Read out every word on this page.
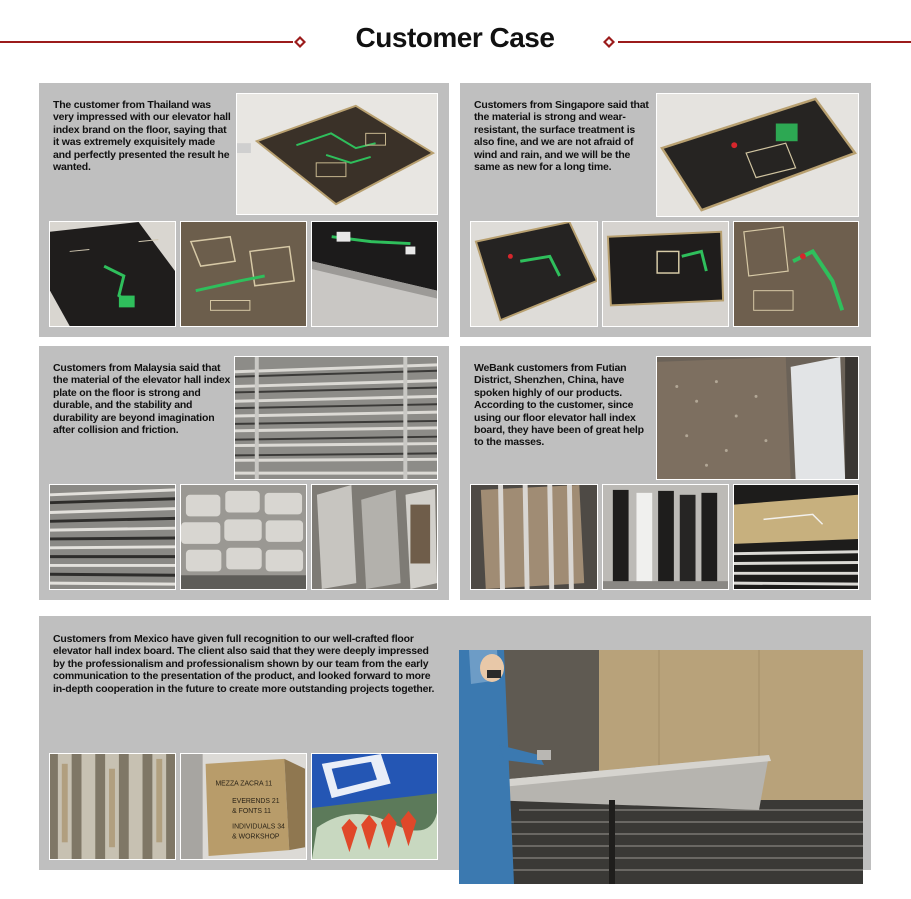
Customer Case
The customer from Thailand was very impressed with our elevator hall index brand on the floor, saying that it was extremely exquisitely made and perfectly presented the result he wanted.
Customers from Singapore said that the material is strong and wear-resistant, the surface treatment is also fine, and we are not afraid of wind and rain, and we will be the same as new for a long time.
Customers from Malaysia said that the material of the elevator hall index plate on the floor is strong and durable, and the stability and durability are beyond imagination after collision and friction.
WeBank customers from Futian District, Shenzhen, China, have spoken highly of our products. According to the customer, since using our floor elevator hall index board, they have been of great help to the masses.
Customers from Mexico have given full recognition to our well-crafted floor elevator hall index board. The client also said that they were deeply impressed by the professionalism and professionalism shown by our team from the early communication to the presentation of the product, and looked forward to more in-depth cooperation in the future to create more outstanding projects together.
MEZZA ZACRA 11
EVERENDS 21
& FONTS 11
INDIVIDUALS 34
& WORKSHOP
